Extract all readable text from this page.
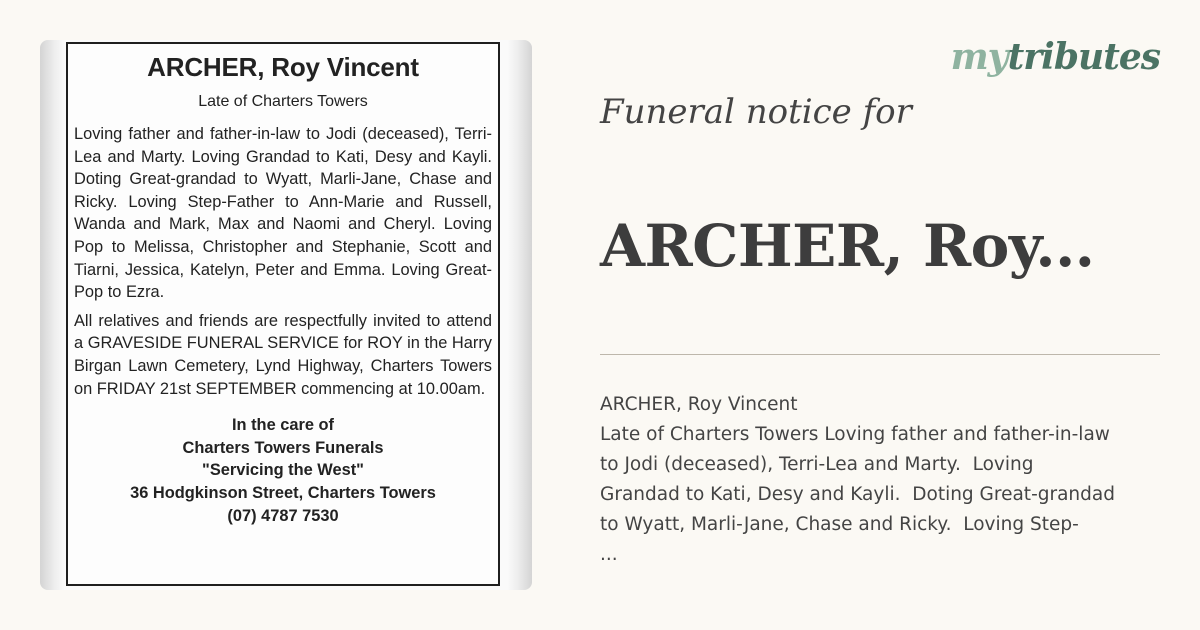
ARCHER, Roy Vincent
Late of Charters Towers

Loving father and father-in-law to Jodi (deceased), Terri-Lea and Marty. Loving Grandad to Kati, Desy and Kayli. Doting Great-grandad to Wyatt, Marli-Jane, Chase and Ricky. Loving Step-Father to Ann-Marie and Russell, Wanda and Mark, Max and Naomi and Cheryl. Loving Pop to Melissa, Christopher and Stephanie, Scott and Tiarni, Jessica, Katelyn, Peter and Emma. Loving Great-Pop to Ezra.

All relatives and friends are respectfully invited to attend a GRAVESIDE FUNERAL SERVICE for ROY in the Harry Birgan Lawn Cemetery, Lynd Highway, Charters Towers on FRIDAY 21st SEPTEMBER commencing at 10.00am.

In the care of
Charters Towers Funerals
"Servicing the West"
36 Hodgkinson Street, Charters Towers
(07) 4787 7530
mytributes
Funeral notice for
ARCHER, Roy...
ARCHER, Roy Vincent
Late of Charters Towers Loving father and father-in-law
to Jodi (deceased), Terri-Lea and Marty.  Loving
Grandad to Kati, Desy and Kayli.  Doting Great-grandad
to Wyatt, Marli-Jane, Chase and Ricky.  Loving Step-
...
